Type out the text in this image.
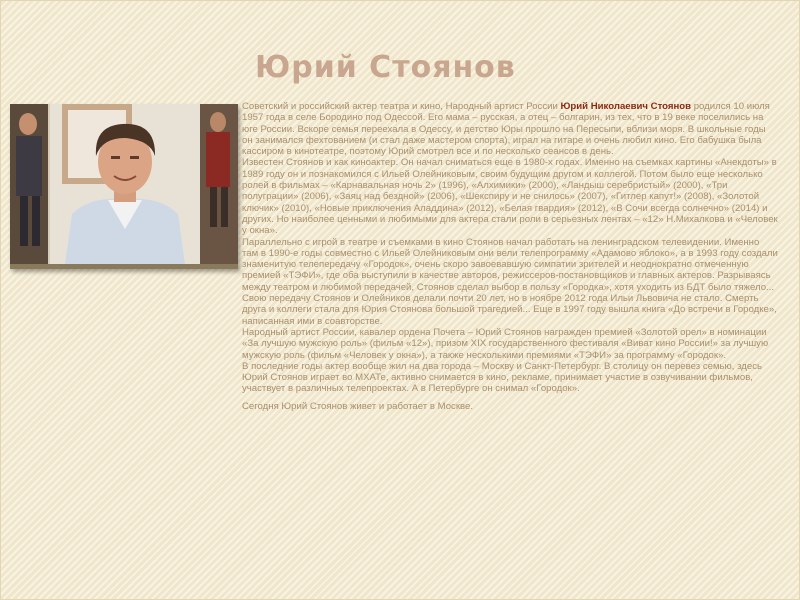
Юрий Стоянов

Советский и российский актер театра и кино, Народный артист России Юрий Николаевич Стоянов родился 10 июля 1957 года в селе Бородино под Одессой. Его мама – русская, а отец – болгарин, из тех, что в 19 веке поселились на юге России. Вскоре семья переехала в Одессу, и детство Юры прошло на Пересыпи, вблизи моря. В школьные годы он занимался фехтованием (и стал даже мастером спорта), играл на гитаре и очень любил кино. Его бабушка была кассиром в кинотеатре, поэтому Юрий смотрел все и по несколько сеансов в день.

Известен Стоянов и как киноактер. Он начал сниматься еще в 1980-х годах. Именно на съемках картины «Анекдоты» в 1989 году он и познакомился с Ильей Олейниковым, своим будущим другом и коллегой. Потом было еще несколько ролей в фильмах – «Карнавальная ночь 2» (1996), «Алхимики» (2000), «Ландыш серебристый» (2000), «Три полуграции» (2006), «Заяц над бездной» (2006), «Шекспиру и не снилось» (2007), «Гитлер капут!» (2008), «Золотой ключик» (2010), «Новые приключения Аладдина» (2012), «Белая гвардия» (2012), «В Сочи всегда солнечно» (2014) и других. Но наиболее ценными и любимыми для актера стали роли в серьезных лентах – «12» Н.Михалкова и «Человек у окна».

Параллельно с игрой в театре и съемками в кино Стоянов начал работать на ленинградском телевидении. Именно там в 1990-е годы совместно с Ильей Олейниковым они вели телепрограмму «Адамово яблоко», а в 1993 году создали знаменитую телепередачу «Городок», очень скоро завоевавшую симпатии зрителей и неоднократно отмеченную премией «ТЭФИ», где оба выступили в качестве авторов, режиссеров-постановщиков и главных актеров. Разрываясь между театром и любимой передачей, Стоянов сделал выбор в пользу «Городка», хотя уходить из БДТ было тяжело...

Свою передачу Стоянов и Олейников делали почти 20 лет, но в ноябре 2012 года Ильи Львовича не стало. Смерть друга и коллеги стала для Юрия Стоянова большой трагедией... Еще в 1997 году вышла книга «До встречи в Городке», написанная ими в соавторстве.

Народный артист России, кавалер ордена Почета – Юрий Стоянов награжден премией «Золотой орел» в номинации «За лучшую мужскую роль» (фильм «12»), призом XIX государственного фестиваля «Виват кино России!» за лучшую мужскую роль (фильм «Человек у окна»), а также несколькими премиями «ТЭФИ» за программу «Городок».

В последние годы актер вообще жил на два города – Москву и Санкт-Петербург. В столицу он перевез семью, здесь Юрий Стоянов играет во МХАТе, активно снимается в кино, рекламе, принимает участие в озвучивании фильмов, участвует в различных телепроектах. А в Петербурге он снимал «Городок».

Сегодня Юрий Стоянов живет и работает в Москве.
